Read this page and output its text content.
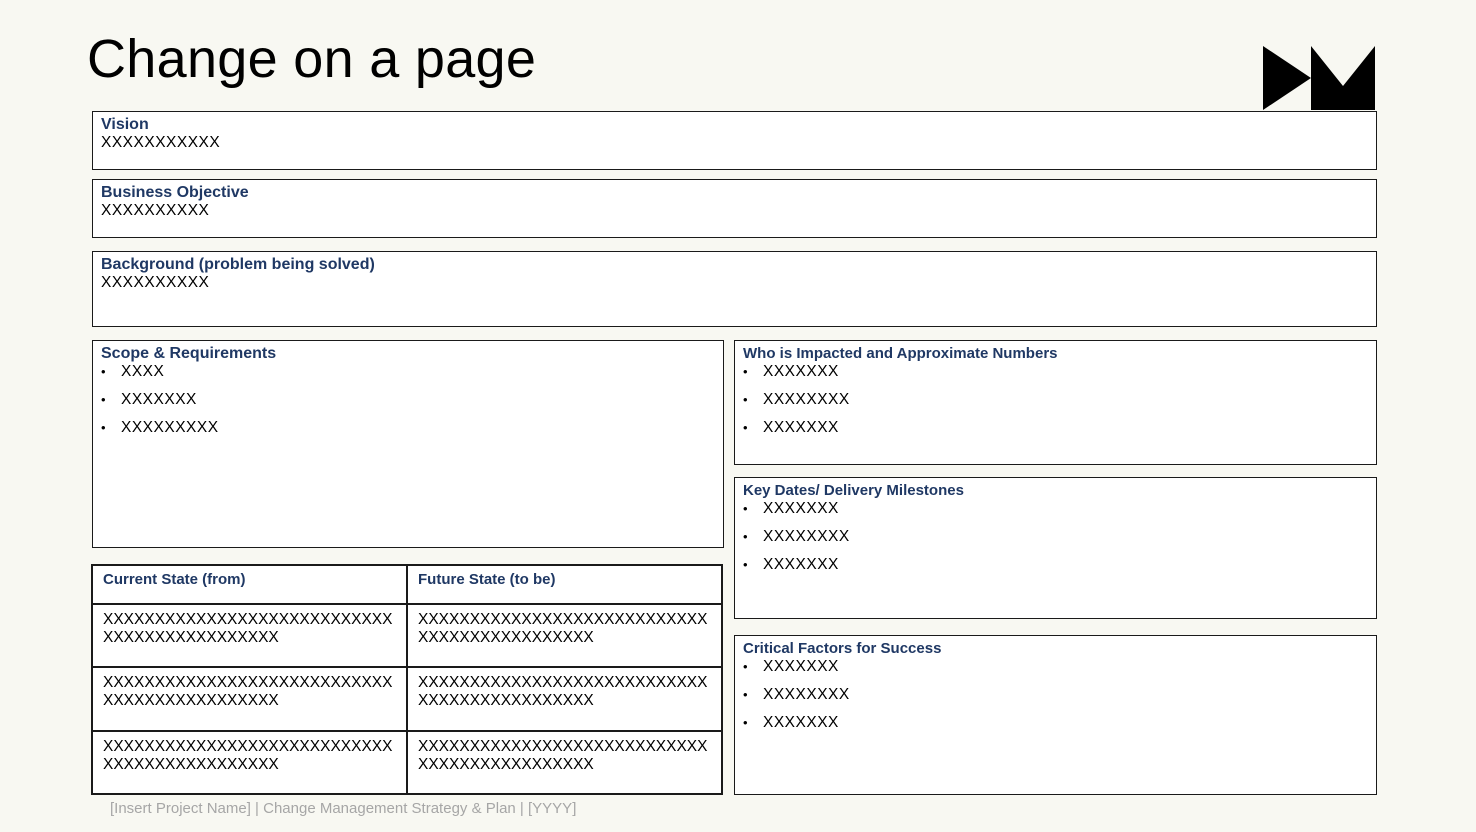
Change on a page
Vision
XXXXXXXXXXX
Business Objective
XXXXXXXXXX
Background (problem being solved)
XXXXXXXXXX
Scope & Requirements
• XXXX
• XXXXXXX
• XXXXXXXXX
Who is Impacted and Approximate Numbers
• XXXXXXX
• XXXXXXXX
• XXXXXXX
Key Dates/ Delivery Milestones
• XXXXXXX
• XXXXXXXX
• XXXXXXX
Critical Factors for Success
• XXXXXXX
• XXXXXXXX
• XXXXXXX
Current State (from)	Future State (to be)
XXXXXXXXXXXXXXXXXXXXXXXXXXXXXXXXXXXXXXXXXXXXX	XXXXXXXXXXXXXXXXXXXXXXXXXXXXXXXXXXXXXXXXXXXXX
XXXXXXXXXXXXXXXXXXXXXXXXXXXXXXXXXXXXXXXXXXXXX	XXXXXXXXXXXXXXXXXXXXXXXXXXXXXXXXXXXXXXXXXXXXX
XXXXXXXXXXXXXXXXXXXXXXXXXXXXXXXXXXXXXXXXXXXXX	XXXXXXXXXXXXXXXXXXXXXXXXXXXXXXXXXXXXXXXXXXXXX
[Insert Project Name] | Change Management Strategy & Plan | [YYYY]
